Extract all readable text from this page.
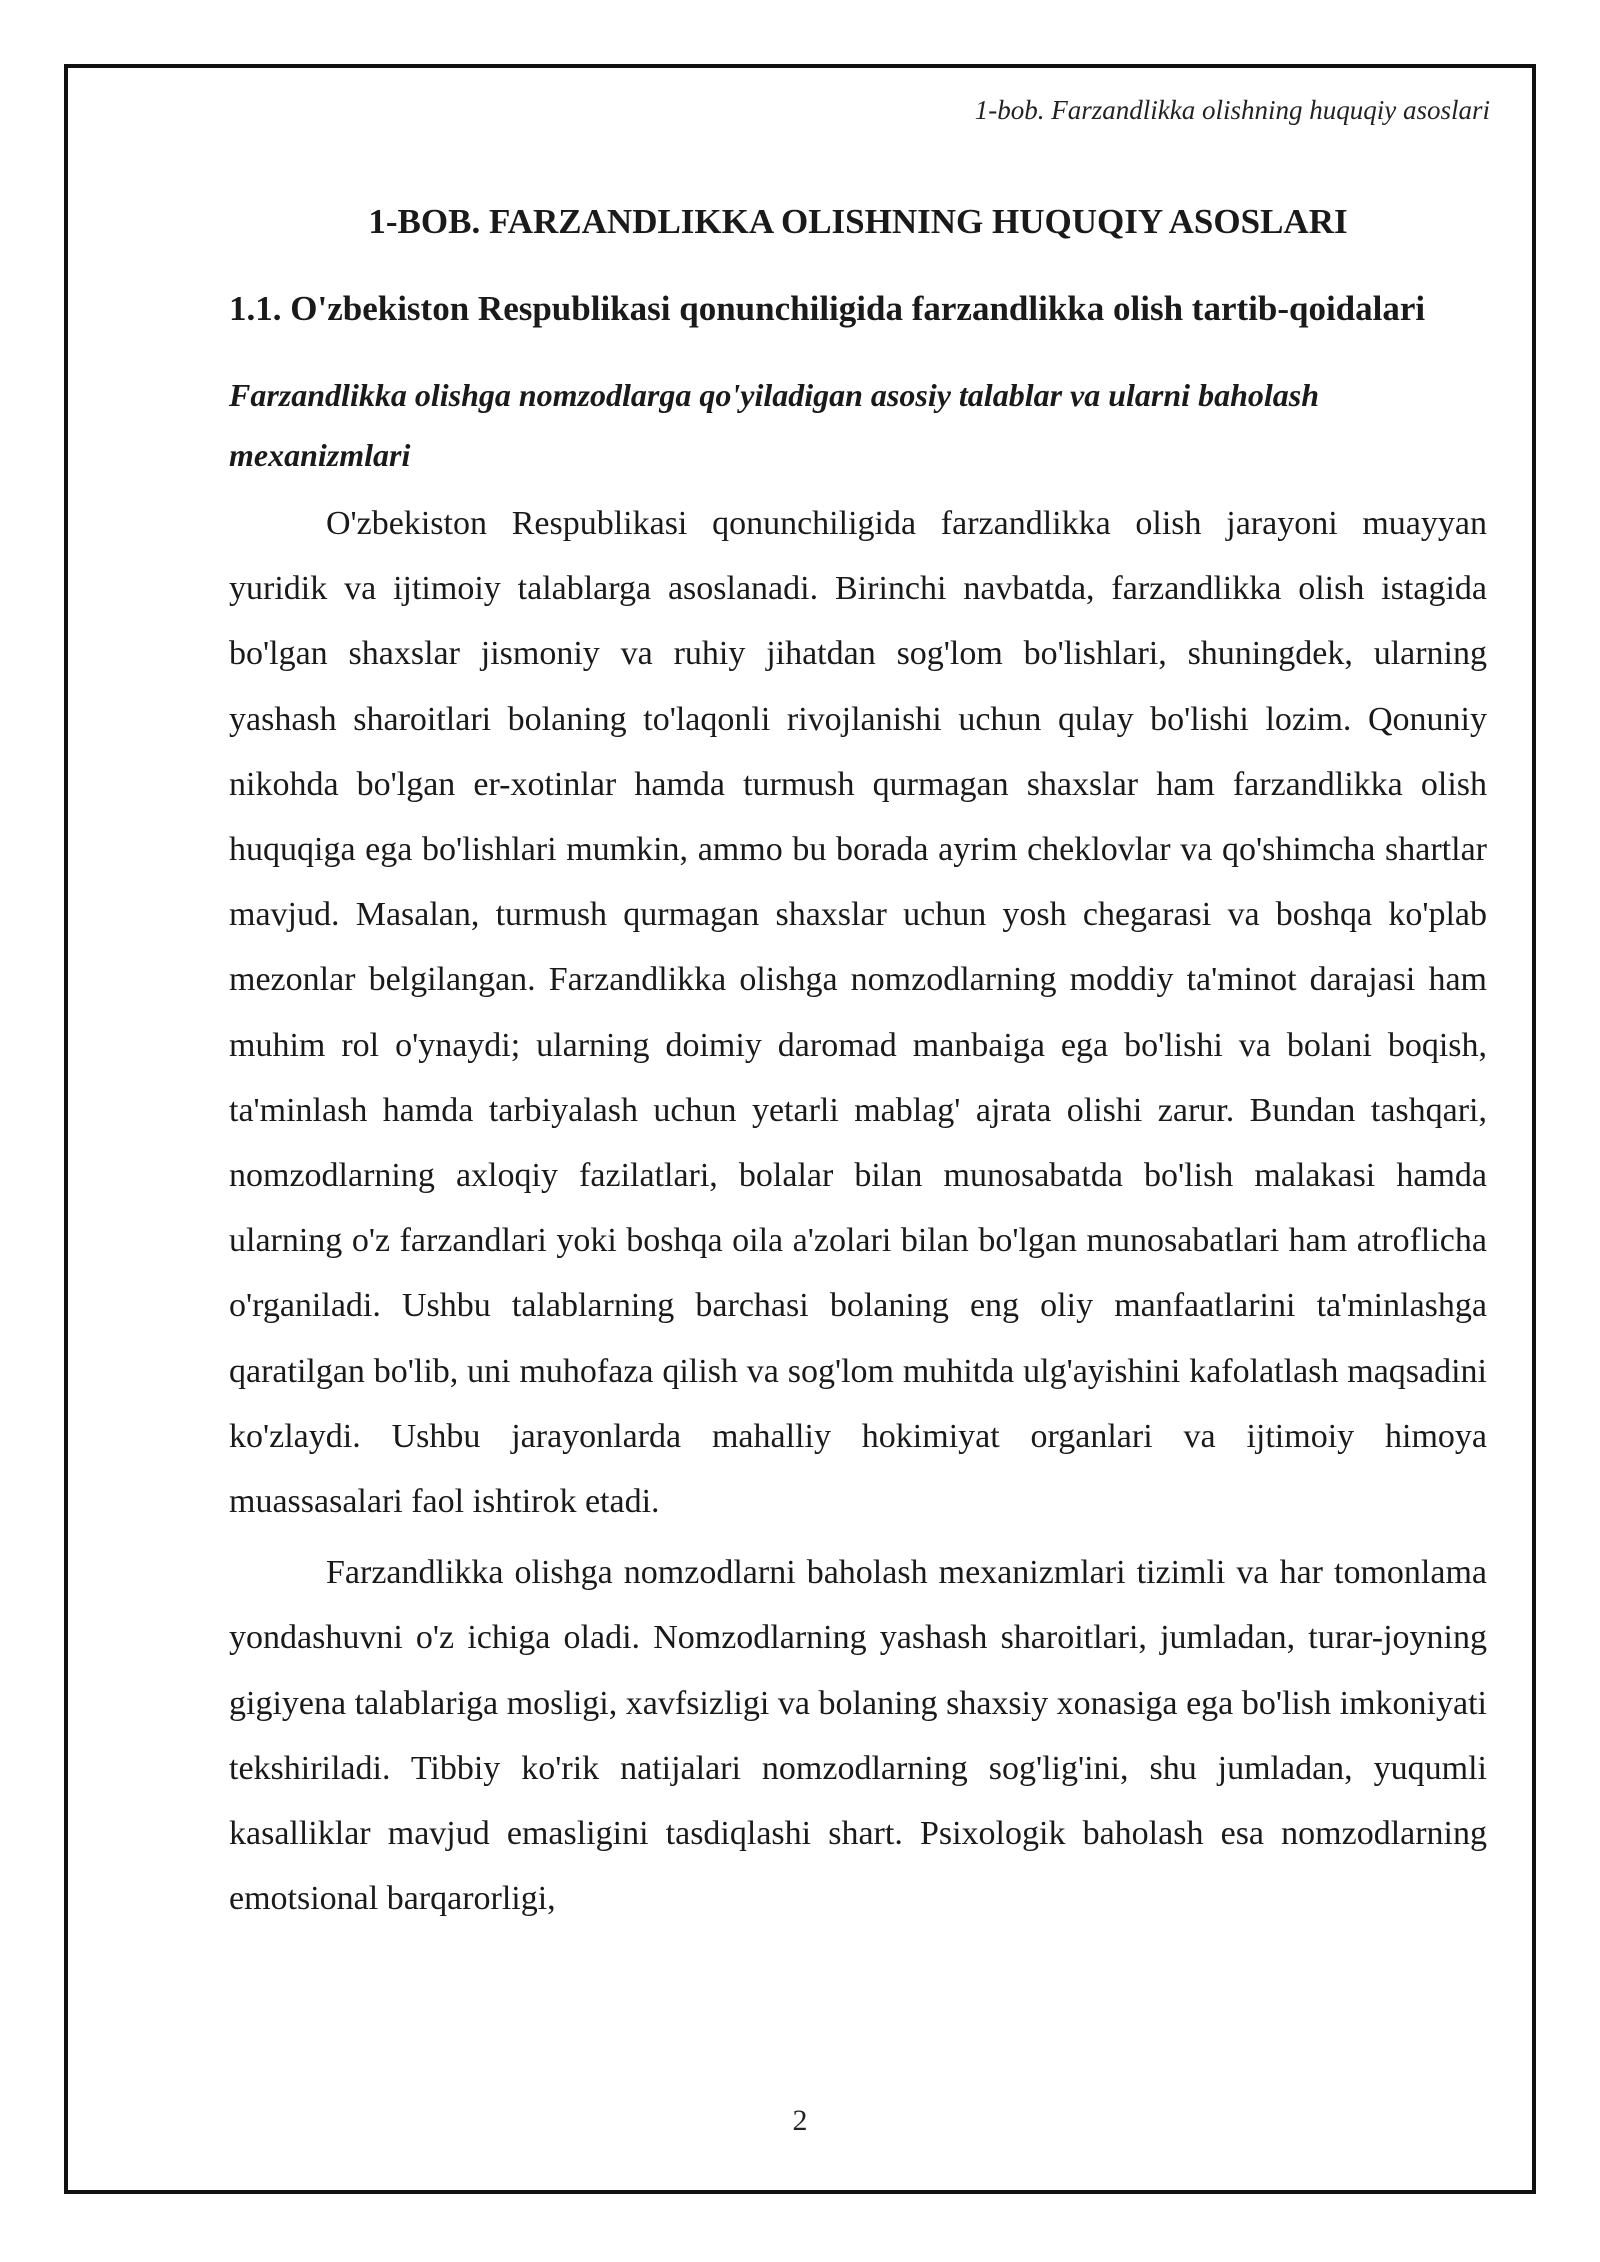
1-bob. Farzandlikka olishning huquqiy asoslari
1-BOB. FARZANDLIKKA OLISHNING HUQUQIY ASOSLARI
1.1. O'zbekiston Respublikasi qonunchiligida farzandlikka olish tartib-qoidalari
Farzandlikka olishga nomzodlarga qo'yiladigan asosiy talablar va ularni baholash mexanizmlari

O'zbekiston Respublikasi qonunchiligida farzandlikka olish jarayoni muayyan yuridik va ijtimoiy talablarga asoslanadi. Birinchi navbatda, farzandlikka olish istagida bo'lgan shaxslar jismoniy va ruhiy jihatdan sog'lom bo'lishlari, shuningdek, ularning yashash sharoitlari bolaning to'laqonli rivojlanishi uchun qulay bo'lishi lozim. Qonuniy nikohda bo'lgan er-xotinlar hamda turmush qurmagan shaxslar ham farzandlikka olish huquqiga ega bo'lishlari mumkin, ammo bu borada ayrim cheklovlar va qo'shimcha shartlar mavjud. Masalan, turmush qurmagan shaxslar uchun yosh chegarasi va boshqa ko'plab mezonlar belgilangan. Farzandlikka olishga nomzodlarning moddiy ta'minot darajasi ham muhim rol o'ynaydi; ularning doimiy daromad manbaiga ega bo'lishi va bolani boqish, ta'minlash hamda tarbiyalash uchun yetarli mablag' ajrata olishi zarur. Bundan tashqari, nomzodlarning axloqiy fazilatlari, bolalar bilan munosabatda bo'lish malakasi hamda ularning o'z farzandlari yoki boshqa oila a'zolari bilan bo'lgan munosabatlari ham atroflicha o'rganiladi. Ushbu talablarning barchasi bolaning eng oliy manfaatlarini ta'minlashga qaratilgan bo'lib, uni muhofaza qilish va sog'lom muhitda ulg'ayishini kafolatlash maqsadini ko'zlaydi. Ushbu jarayonlarda mahalliy hokimiyat organlari va ijtimoiy himoya muassasalari faol ishtirok etadi.

Farzandlikka olishga nomzodlarni baholash mexanizmlari tizimli va har tomonlama yondashuvni o'z ichiga oladi. Nomzodlarning yashash sharoitlari, jumladan, turar-joyning gigiyena talablariga mosligi, xavfsizligi va bolaning shaxsiy xonasiga ega bo'lish imkoniyati tekshiriladi. Tibbiy ko'rik natijalari nomzodlarning sog'lig'ini, shu jumladan, yuqumli kasalliklar mavjud emasligini tasdiqlashi shart. Psixologik baholash esa nomzodlarning emotsional barqarorligi,

2
